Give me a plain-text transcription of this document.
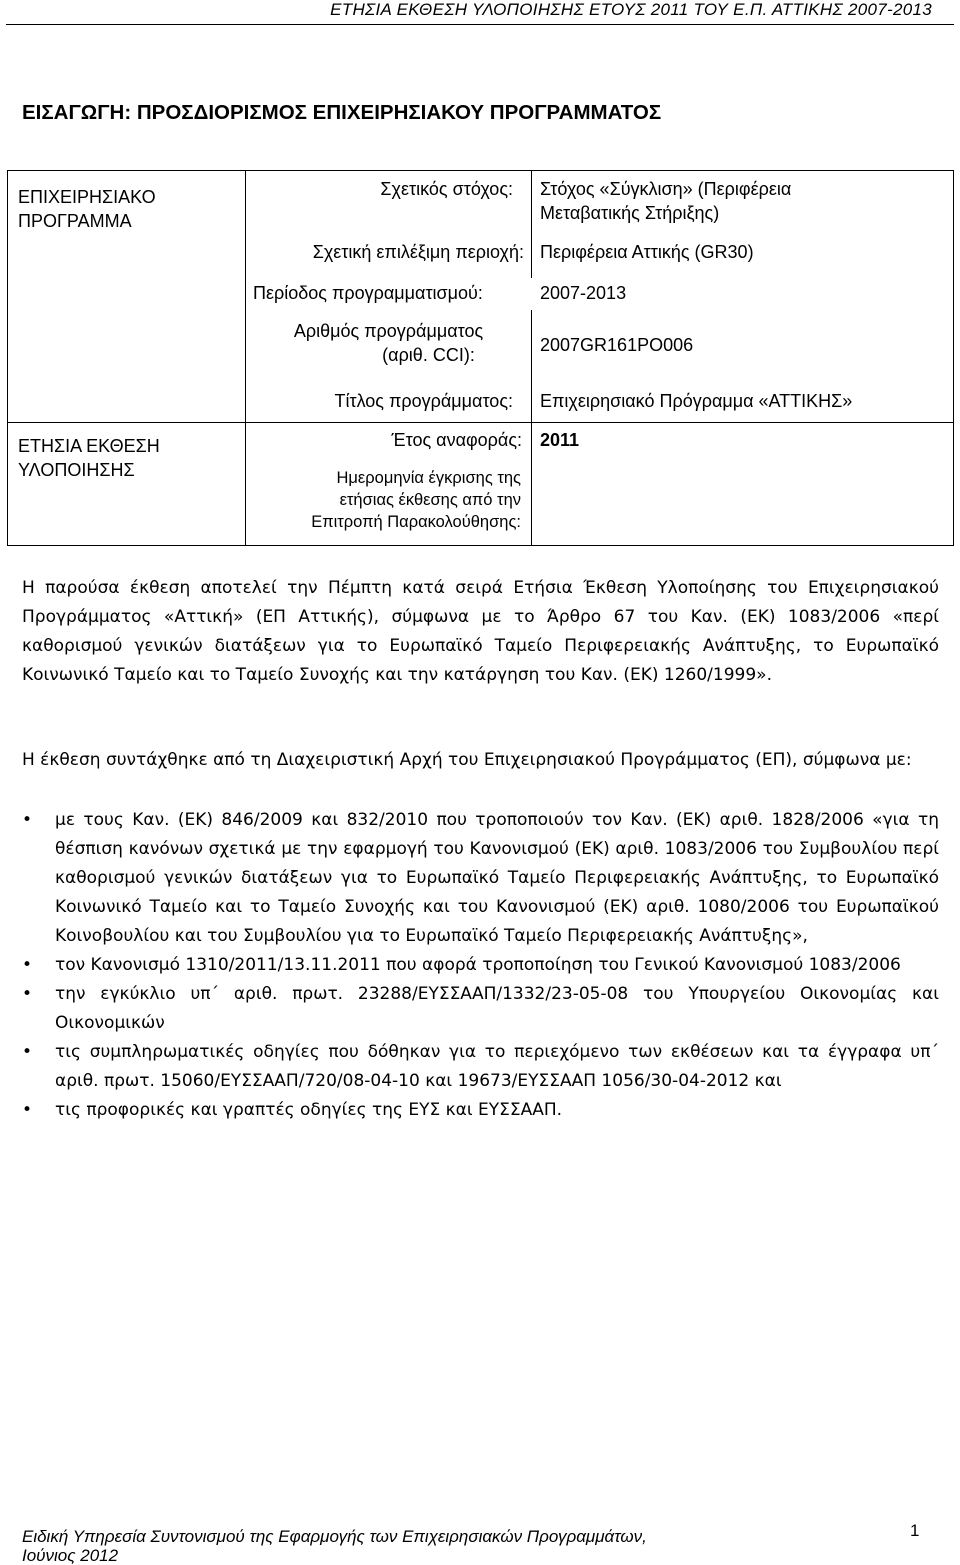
ΕΤΗΣΙΑ ΕΚΘΕΣΗ ΥΛΟΠΟΙΗΣΗΣ ΕΤΟΥΣ 2011 ΤΟΥ Ε.Π. ΑΤΤΙΚΗΣ 2007-2013
ΕΙΣΑΓΩΓΗ: ΠΡΟΣΔΙΟΡΙΣΜΟΣ ΕΠΙΧΕΙΡΗΣΙΑΚΟΥ ΠΡΟΓΡΑΜΜΑΤΟΣ
ΕΠΙΧΕΙΡΗΣΙΑΚΟ
ΠΡΟΓΡΑΜΜΑ
Σχετικός στόχος: Στόχος «Σύγκλιση» (Περιφέρεια
Μεταβατικής Στήριξης)
Σχετική επιλέξιμη περιοχή: Περιφέρεια Αττικής (GR30)
Περίοδος προγραμματισμού:	2007-2013
Αριθμός προγράμματος
(αριθ. CCI):	2007GR161PO006
Τίτλος προγράμματος: Επιχειρησιακό Πρόγραμμα «ΑΤΤΙΚΗΣ»
ΕΤΗΣΙΑ ΕΚΘΕΣΗ
ΥΛΟΠΟΙΗΣΗΣ
Έτος αναφοράς: 2011
Ημερομηνία έγκρισης της
ετήσιας έκθεσης από την
Επιτροπή Παρακολούθησης:

Η παρούσα έκθεση αποτελεί την Πέμπτη κατά σειρά Ετήσια Έκθεση Υλοποίησης του Επιχειρησιακού Προγράμματος «Αττική» (ΕΠ Αττικής), σύμφωνα με το Άρθρο 67 του Καν. (ΕΚ) 1083/2006 «περί καθορισμού γενικών διατάξεων για το Ευρωπαϊκό Ταμείο Περιφερειακής Ανάπτυξης, το Ευρωπαϊκό Κοινωνικό Ταμείο και το Ταμείο Συνοχής και την κατάργηση του Καν. (ΕΚ) 1260/1999».

Η έκθεση συντάχθηκε από τη Διαχειριστική Αρχή του Επιχειρησιακού Προγράμματος (ΕΠ), σύμφωνα με:

• με τους Καν. (ΕΚ) 846/2009 και 832/2010 που τροποποιούν τον Καν. (ΕΚ) αριθ. 1828/2006 «για τη θέσπιση κανόνων σχετικά με την εφαρμογή του Κανονισμού (ΕΚ) αριθ. 1083/2006 του Συμβουλίου περί καθορισμού γενικών διατάξεων για το Ευρωπαϊκό Ταμείο Περιφερειακής Ανάπτυξης, το Ευρωπαϊκό Κοινωνικό Ταμείο και το Ταμείο Συνοχής και του Κανονισμού (ΕΚ) αριθ. 1080/2006 του Ευρωπαϊκού Κοινοβουλίου και του Συμβουλίου για το Ευρωπαϊκό Ταμείο Περιφερειακής Ανάπτυξης»,
• τον Κανονισμό 1310/2011/13.11.2011 που αφορά τροποποίηση του Γενικού Κανονισμού 1083/2006
• την εγκύκλιο υπ΄ αριθ. πρωτ. 23288/ΕΥΣΣΑΑΠ/1332/23-05-08 του Υπουργείου Οικονομίας και Οικονομικών
• τις συμπληρωματικές οδηγίες που δόθηκαν για το περιεχόμενο των εκθέσεων και τα έγγραφα υπ΄ αριθ. πρωτ. 15060/ΕΥΣΣΑΑΠ/720/08-04-10 και 19673/ΕΥΣΣΑΑΠ 1056/30-04-2012 και
• τις προφορικές και γραπτές οδηγίες της ΕΥΣ και ΕΥΣΣΑΑΠ.
Ειδική Υπηρεσία Συντονισμού της Εφαρμογής των Επιχειρησιακών Προγραμμάτων,
Ιούνιος 2012
1
